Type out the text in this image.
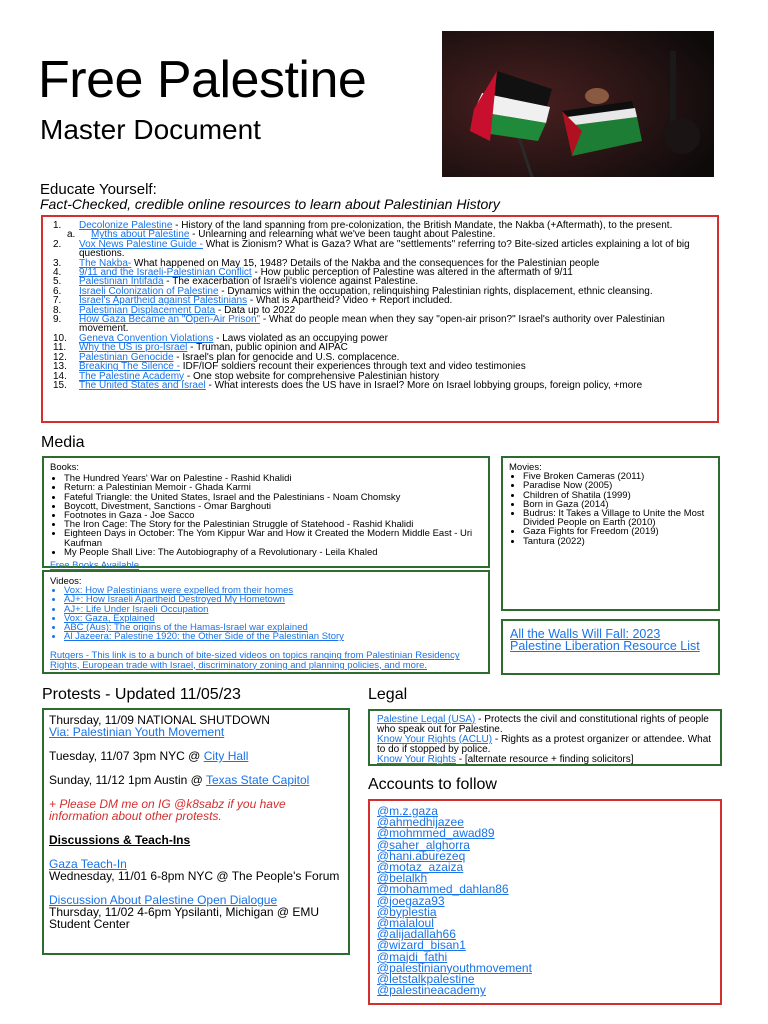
Free Palestine
Master Document
Educate Yourself:
Fact-Checked, credible online resources to learn about Palestinian History
1.	Decolonize Palestine - History of the land spanning from pre-colonization, the British Mandate, the Nakba (+Aftermath), to the present.
a.	Myths about Palestine - Unlearning and relearning what we've been taught about Palestine.
2.	Vox News Palestine Guide - What is Zionism? What is Gaza? What are "settlements" referring to? Bite-sized articles explaining a lot of big questions.
3.	The Nakba- What happened on May 15, 1948? Details of the Nakba and the consequences for the Palestinian people
4.	9/11 and the Israeli-Palestinian Conflict - How public perception of Palestine was altered in the aftermath of 9/11
5.	Palestinian Intifada - The exacerbation of Israeli's violence against Palestine.
6.	Israeli Colonization of Palestine - Dynamics within the occupation, relinquishing Palestinian rights, displacement, ethnic cleansing.
7.	Israel's Apartheid against Palestinians - What is Apartheid? Video + Report included.
8.	Palestinian Displacement Data - Data up to 2022
9.	How Gaza Became an "Open-Air Prison" - What do people mean when they say "open-air prison?" Israel's authority over Palestinian movement.
10.	Geneva Convention Violations - Laws violated as an occupying power
11.	Why the US is pro-Israel - Truman, public opinion and AIPAC
12.	Palestinian Genocide - Israel's plan for genocide and U.S. complacence.
13.	Breaking The Silence - IDF/IOF soldiers recount their experiences through text and video testimonies
14.	The Palestine Academy - One stop website for comprehensive Palestinian history
15.	The United States and Israel - What interests does the US have in Israel? More on Israel lobbying groups, foreign policy, +more
Media
Books:
• The Hundred Years' War on Palestine - Rashid Khalidi
• Return: a Palestinian Memoir - Ghada Karmi
• Fateful Triangle: the United States, Israel and the Palestinians - Noam Chomsky
• Boycott, Divestment, Sanctions - Omar Barghouti
• Footnotes in Gaza - Joe Sacco
• The Iron Cage: The Story for the Palestinian Struggle of Statehood - Rashid Khalidi
• Eighteen Days in October: The Yom Kippur War and How it Created the Modern Middle East - Uri Kaufman
• My People Shall Live: The Autobiography of a Revolutionary - Leila Khaled
Free Books Available
Videos:
• Vox: How Palestinians were expelled from their homes
• AJ+: How Israeli Apartheid Destroyed My Hometown
• AJ+: Life Under Israeli Occupation
• Vox: Gaza, Explained
• ABC (Aus): The origins of the Hamas-Israel war explained
• Al Jazeera: Palestine 1920: the Other Side of the Palestinian Story
Rutgers - This link is to a bunch of bite-sized videos on topics ranging from Palestinian Residency Rights, European trade with Israel, discriminatory zoning and planning policies, and more.
Movies:
• Five Broken Cameras (2011)
• Paradise Now (2005)
• Children of Shatila (1999)
• Born in Gaza (2014)
• Budrus: It Takes a Village to Unite the Most Divided People on Earth (2010)
• Gaza Fights for Freedom (2019)
• Tantura (2022)
All the Walls Will Fall: 2023 Palestine Liberation Resource List
Protests - Updated 11/05/23

Thursday, 11/09 NATIONAL SHUTDOWN

Via: Palestinian Youth Movement

Tuesday, 11/07 3pm NYC @ City Hall

Sunday, 11/12 1pm Austin @ Texas State Capitol

+ Please DM me on IG @k8sabz if you have information about other protests.

Discussions & Teach-Ins

Gaza Teach-In

Wednesday, 11/01 6-8pm NYC @ The People's Forum

Discussion About Palestine Open Dialogue

Thursday, 11/02 4-6pm Ypsilanti, Michigan @ EMU Student Center

Legal
Palestine Legal (USA) - Protects the civil and constitutional rights of people who speak out for Palestine.
Know Your Rights (ACLU) - Rights as a protest organizer or attendee. What to do if stopped by police.
Know Your Rights - [alternate resource + finding solicitors]
Accounts to follow
@m.z.gaza
@ahmedhijazee
@mohmmed_awad89
@saher_alghorra
@hani.aburezeq
@motaz_azaiza
@belalkh
@mohammed_dahlan86
@joegaza93
@byplestia
@malaloul
@alijadallah66
@wizard_bisan1
@majdi_fathi
@palestinianyouthmovement
@letstalkpalestine
@palestineacademy
